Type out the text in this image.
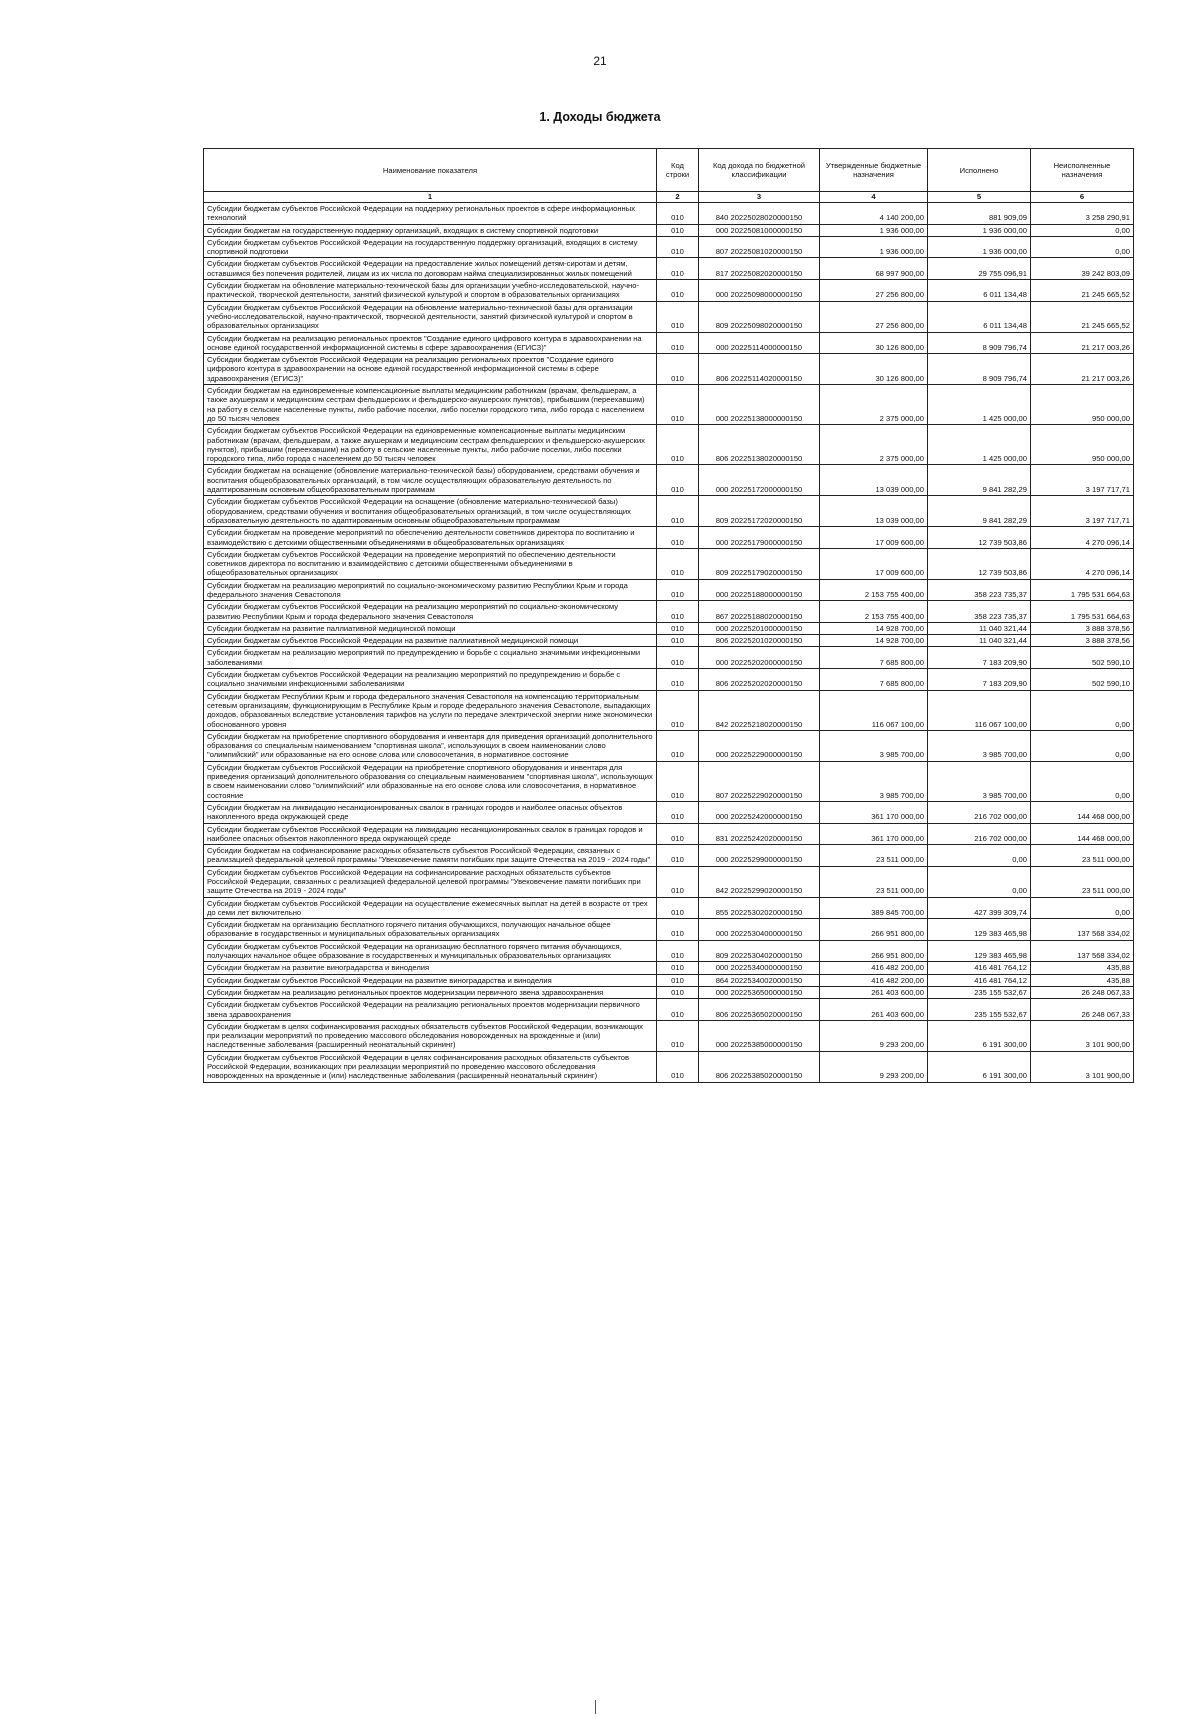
21
1. Доходы бюджета
Наименование показателя	Код строки	Код дохода по бюджетной классификации	Утвержденные бюджетные назначения	Исполнено	Неисполненные назначения
1	2	3	4	5	6
Субсидии бюджетам субъектов Российской Федерации на поддержку региональных проектов в сфере информационных технологий	010	840 20225028020000150	4 140 200,00	881 909,09	3 258 290,91
Субсидии бюджетам на государственную поддержку организаций, входящих в систему спортивной подготовки	010	000 20225081000000150	1 936 000,00	1 936 000,00	0,00
Субсидии бюджетам субъектов Российской Федерации на государственную поддержку организаций, входящих в систему спортивной подготовки	010	807 20225081020000150	1 936 000,00	1 936 000,00	0,00
Субсидии бюджетам субъектов Российской Федерации на предоставление жилых помещений детям-сиротам и детям, оставшимся без попечения родителей, лицам из их числа по договорам найма специализированных жилых помещений	010	817 20225082020000150	68 997 900,00	29 755 096,91	39 242 803,09
Субсидии бюджетам на обновление материально-технической базы для организации учебно-исследовательской, научно-практической, творческой деятельности, занятий физической культурой и спортом в образовательных организациях	010	000 20225098000000150	27 256 800,00	6 011 134,48	21 245 665,52
Субсидии бюджетам субъектов Российской Федерации на обновление материально-технической базы для организации учебно-исследовательской, научно-практической, творческой деятельности, занятий физической культурой и спортом в образовательных организациях	010	809 20225098020000150	27 256 800,00	6 011 134,48	21 245 665,52
Субсидии бюджетам на реализацию региональных проектов "Создание единого цифрового контура в здравоохранении на основе единой государственной информационной системы в сфере здравоохранения (ЕГИСЗ)"	010	000 20225114000000150	30 126 800,00	8 909 796,74	21 217 003,26
Субсидии бюджетам субъектов Российской Федерации на реализацию региональных проектов "Создание единого цифрового контура в здравоохранении на основе единой государственной информационной системы в сфере здравоохранения (ЕГИСЗ)"	010	806 20225114020000150	30 126 800,00	8 909 796,74	21 217 003,26
Субсидии бюджетам на единовременные компенсационные выплаты медицинским работникам (врачам, фельдшерам, а также акушеркам и медицинским сестрам фельдшерских и фельдшерско-акушерских пунктов), прибывшим (переехавшим) на работу в сельские населенные пункты, либо рабочие поселки, либо поселки городского типа, либо города с населением до 50 тысяч человек	010	000 20225138000000150	2 375 000,00	1 425 000,00	950 000,00
Субсидии бюджетам субъектов Российской Федерации на единовременные компенсационные выплаты медицинским работникам (врачам, фельдшерам, а также акушеркам и медицинским сестрам фельдшерских и фельдшерско-акушерских пунктов), прибывшим (переехавшим) на работу в сельские населенные пункты, либо рабочие поселки, либо поселки городского типа, либо города с населением до 50 тысяч человек	010	806 20225138020000150	2 375 000,00	1 425 000,00	950 000,00
Субсидии бюджетам на оснащение (обновление материально-технической базы) оборудованием, средствами обучения и воспитания общеобразовательных организаций, в том числе осуществляющих образовательную деятельность по адаптированным основным общеобразовательным программам	010	000 20225172000000150	13 039 000,00	9 841 282,29	3 197 717,71
Субсидии бюджетам субъектов Российской Федерации на оснащение (обновление материально-технической базы) оборудованием, средствами обучения и воспитания общеобразовательных организаций, в том числе осуществляющих образовательную деятельность по адаптированным основным общеобразовательным программам	010	809 20225172020000150	13 039 000,00	9 841 282,29	3 197 717,71
Субсидии бюджетам на проведение мероприятий по обеспечению деятельности советников директора по воспитанию и взаимодействию с детскими общественными объединениями в общеобразовательных организациях	010	000 20225179000000150	17 009 600,00	12 739 503,86	4 270 096,14
Субсидии бюджетам субъектов Российской Федерации на проведение мероприятий по обеспечению деятельности советников директора по воспитанию и взаимодействию с детскими общественными объединениями в общеобразовательных организациях	010	809 20225179020000150	17 009 600,00	12 739 503,86	4 270 096,14
Субсидии бюджетам на реализацию мероприятий по социально-экономическому развитию Республики Крым и города федерального значения Севастополя	010	000 20225188000000150	2 153 755 400,00	358 223 735,37	1 795 531 664,63
Субсидии бюджетам субъектов Российской Федерации на реализацию мероприятий по социально-экономическому развитию Республики Крым и города федерального значения Севастополя	010	867 20225188020000150	2 153 755 400,00	358 223 735,37	1 795 531 664,63
Субсидии бюджетам на развитие паллиативной медицинской помощи	010	000 20225201000000150	14 928 700,00	11 040 321,44	3 888 378,56
Субсидии бюджетам субъектов Российской Федерации на развитие паллиативной медицинской помощи	010	806 20225201020000150	14 928 700,00	11 040 321,44	3 888 378,56
Субсидии бюджетам на реализацию мероприятий по предупреждению и борьбе с социально значимыми инфекционными заболеваниями	010	000 20225202000000150	7 685 800,00	7 183 209,90	502 590,10
Субсидии бюджетам субъектов Российской Федерации на реализацию мероприятий по предупреждению и борьбе с социально значимыми инфекционными заболеваниями	010	806 20225202020000150	7 685 800,00	7 183 209,90	502 590,10
Субсидии бюджетам Республики Крым и города федерального значения Севастополя на компенсацию территориальным сетевым организациям, функционирующим в Республике Крым и городе федерального значения Севастополе, выпадающих доходов, образованных вследствие установления тарифов на услуги по передаче электрической энергии ниже экономически обоснованного уровня	010	842 20225218020000150	116 067 100,00	116 067 100,00	0,00
Субсидии бюджетам на приобретение спортивного оборудования и инвентаря для приведения организаций дополнительного образования со специальным наименованием "спортивная школа", использующих в своем наименовании слово "олимпийский" или образованные на его основе слова или словосочетания, в нормативное состояние	010	000 20225229000000150	3 985 700,00	3 985 700,00	0,00
Субсидии бюджетам субъектов Российской Федерации на приобретение спортивного оборудования и инвентаря для приведения организаций дополнительного образования со специальным наименованием "спортивная школа", использующих в своем наименовании слово "олимпийский" или образованные на его основе слова или словосочетания, в нормативное состояние	010	807 20225229020000150	3 985 700,00	3 985 700,00	0,00
Субсидии бюджетам на ликвидацию несанкционированных свалок в границах городов и наиболее опасных объектов накопленного вреда окружающей среде	010	000 20225242000000150	361 170 000,00	216 702 000,00	144 468 000,00
Субсидии бюджетам субъектов Российской Федерации на ликвидацию несанкционированных свалок в границах городов и наиболее опасных объектов накопленного вреда окружающей среде	010	831 20225242020000150	361 170 000,00	216 702 000,00	144 468 000,00
Субсидии бюджетам на софинансирование расходных обязательств субъектов Российской Федерации, связанных с реализацией федеральной целевой программы "Увековечение памяти погибших при защите Отечества на 2019 - 2024 годы"	010	000 20225299000000150	23 511 000,00	0,00	23 511 000,00
Субсидии бюджетам субъектов Российской Федерации на софинансирование расходных обязательств субъектов Российской Федерации, связанных с реализацией федеральной целевой программы "Увековечение памяти погибших при защите Отечества на 2019 - 2024 годы"	010	842 20225299020000150	23 511 000,00	0,00	23 511 000,00
Субсидии бюджетам субъектов Российской Федерации на осуществление ежемесячных выплат на детей в возрасте от трех до семи лет включительно	010	855 20225302020000150	389 845 700,00	427 399 309,74	0,00
Субсидии бюджетам на организацию бесплатного горячего питания обучающихся, получающих начальное общее образование в государственных и муниципальных образовательных организациях	010	000 20225304000000150	266 951 800,00	129 383 465,98	137 568 334,02
Субсидии бюджетам субъектов Российской Федерации на организацию бесплатного горячего питания обучающихся, получающих начальное общее образование в государственных и муниципальных образовательных организациях	010	809 20225304020000150	266 951 800,00	129 383 465,98	137 568 334,02
Субсидии бюджетам на развитие виноградарства и виноделия	010	000 20225340000000150	416 482 200,00	416 481 764,12	435,88
Субсидии бюджетам субъектов Российской Федерации на развитие виноградарства и виноделия	010	864 20225340020000150	416 482 200,00	416 481 764,12	435,88
Субсидии бюджетам на реализацию региональных проектов модернизации первичного звена здравоохранения	010	000 20225365000000150	261 403 600,00	235 155 532,67	26 248 067,33
Субсидии бюджетам субъектов Российской Федерации на реализацию региональных проектов модернизации первичного звена здравоохранения	010	806 20225365020000150	261 403 600,00	235 155 532,67	26 248 067,33
Субсидии бюджетам в целях софинансирования расходных обязательств субъектов Российской Федерации, возникающих при реализации мероприятий по проведению массового обследования новорожденных на врожденные и (или) наследственные заболевания (расширенный неонатальный скрининг)	010	000 20225385000000150	9 293 200,00	6 191 300,00	3 101 900,00
Субсидии бюджетам субъектов Российской Федерации в целях софинансирования расходных обязательств субъектов Российской Федерации, возникающих при реализации мероприятий по проведению массового обследования новорожденных на врожденные и (или) наследственные заболевания (расширенный неонатальный скрининг)	010	806 20225385020000150	9 293 200,00	6 191 300,00	3 101 900,00
